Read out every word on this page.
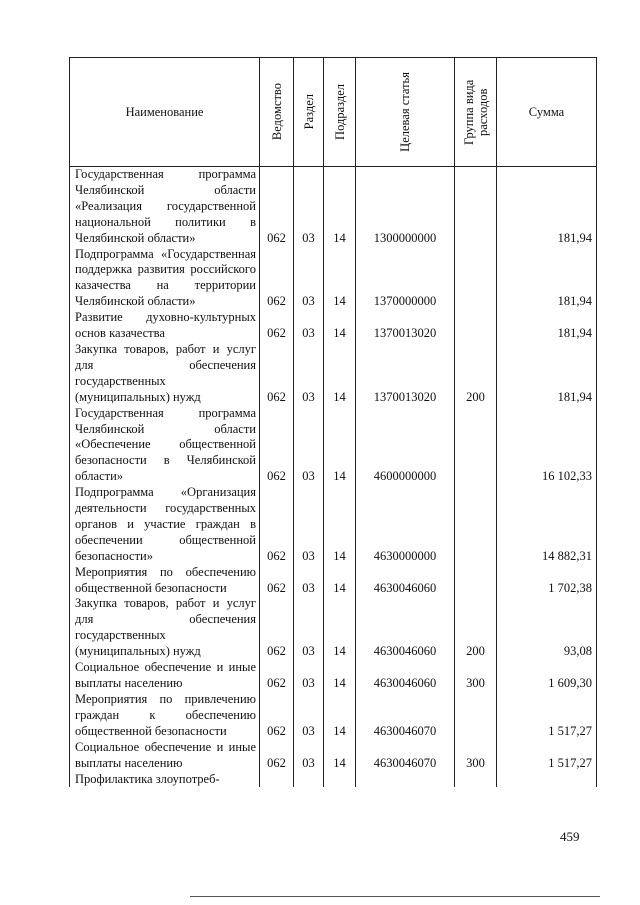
Наименование	Ведомство	Раздел	Подраздел	Целевая статья	Группа вида расходов	Сумма
Государственная программа Челябинской области «Реализация государственной национальной политики в Челябинской области»	062	03	14	1300000000		181,94
Подпрограмма «Государственная поддержка развития российского казачества на территории Челябинской области»	062	03	14	1370000000		181,94
Развитие духовно-культурных основ казачества	062	03	14	1370013020		181,94
Закупка товаров, работ и услуг для обеспечения государственных (муниципальных) нужд	062	03	14	1370013020	200	181,94
Государственная программа Челябинской области «Обеспечение общественной безопасности в Челябинской области»	062	03	14	4600000000		16 102,33
Подпрограмма «Организация деятельности государственных органов и участие граждан в обеспечении общественной безопасности»	062	03	14	4630000000		14 882,31
Мероприятия по обеспечению общественной безопасности	062	03	14	4630046060		1 702,38
Закупка товаров, работ и услуг для обеспечения государственных (муниципальных) нужд	062	03	14	4630046060	200	93,08
Социальное обеспечение и иные выплаты населению	062	03	14	4630046060	300	1 609,30
Мероприятия по привлечению граждан к обеспечению общественной безопасности	062	03	14	4630046070		1 517,27
Социальное обеспечение и иные выплаты населению	062	03	14	4630046070	300	1 517,27
Профилактика злоупотреб-						
459
